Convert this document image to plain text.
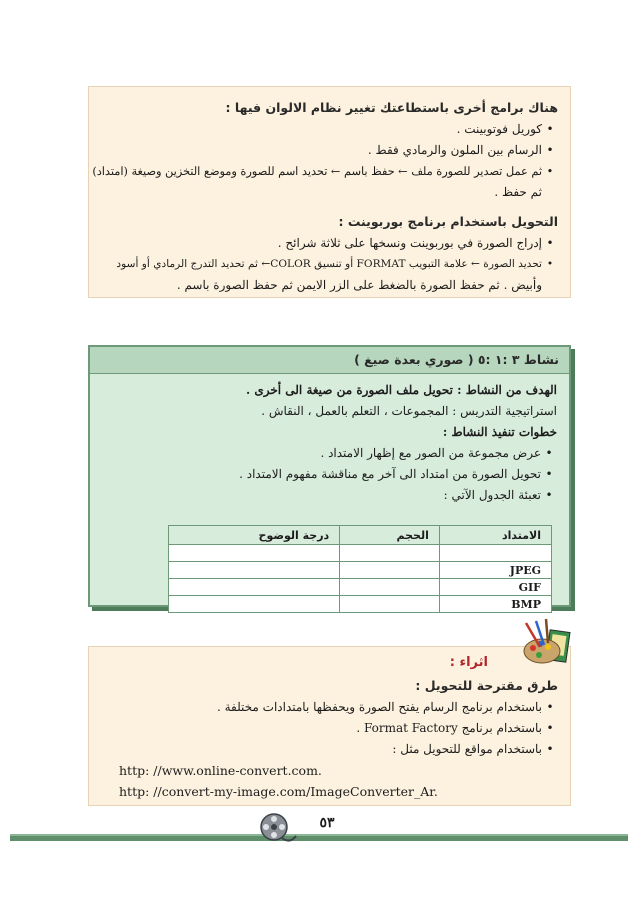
هناك برامج أخرى باستطاعتك تغيير نظام الالوان فيها :
•كوريل فوتوبينت .
•الرسام بين الملون والرمادي فقط .
•ثم عمل تصدير للصورة ملف ← حفظ باسم ← تحديد اسم للصورة وموضع التخزين وصيغة (امتداد)
ثم حفظ .
التحويل باستخدام برنامج بوربوينت :
•إدراج الصورة في بوربوينت ونسخها على ثلاثة شرائح .
•تحديد الصورة ← علامة التبويب FORMAT أو تنسيق COLOR← ثم تحديد التدرج الرمادي أو أسود
وأبيض . ثم حفظ الصورة بالضغط على الزر الايمن ثم حفظ الصورة باسم .
نشاط ٣ :١ :٥ ( صوري بعدة صيغ )
الهدف من النشاط : تحويل ملف الصورة من صيغة الى أخرى .
استراتيجية التدريس : المجموعات ، التعلم بالعمل ، النقاش .
خطوات تنفيذ النشاط :
•عرض مجموعة من الصور مع إظهار الامتداد .
•تحويل الصورة من امتداد الى آخر مع مناقشة مفهوم الامتداد .
•تعبئة الجدول الآتي :
الامتداد	الحجم	درجة الوضوح

JPEG		
GIF		
BMP		
اثراء :
طرق مقترحة للتحويل :
•باستخدام برنامج الرسام يفتح الصورة ويحفظها بامتدادات مختلفة .
•باستخدام برنامج Format Factory .
•باستخدام مواقع للتحويل مثل :
http: //www.online-convert.com.
http: //convert-my-image.com/ImageConverter_Ar.
٥٣
